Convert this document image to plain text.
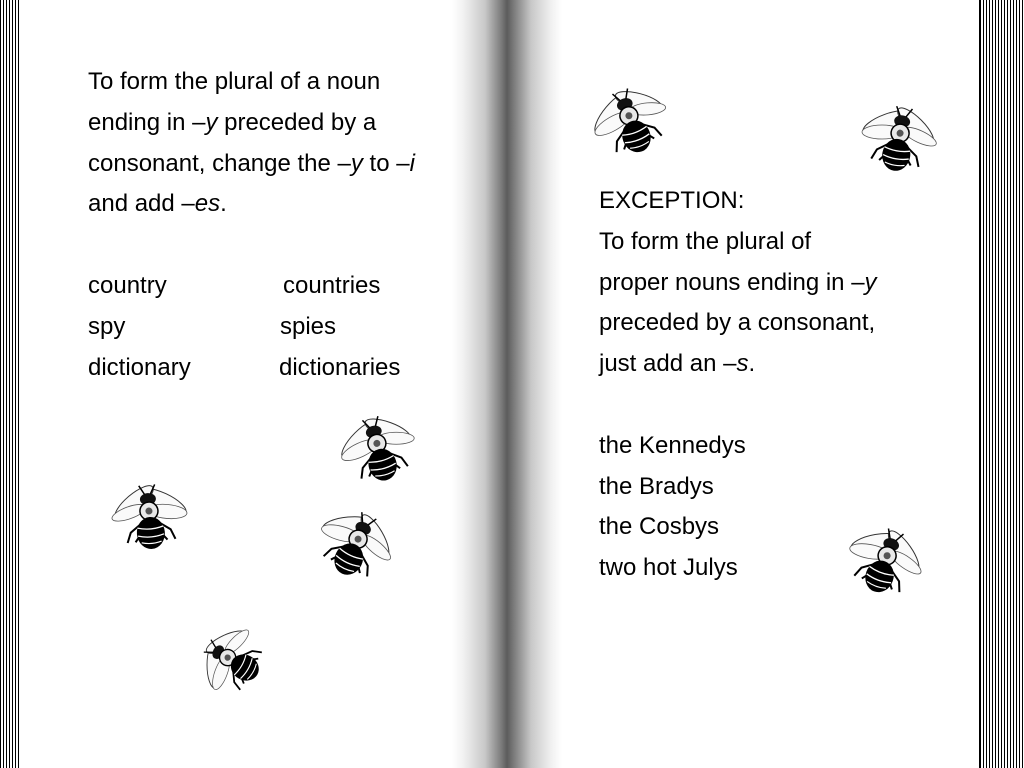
To form the plural of a noun
ending in –y preceded by a
consonant, change the –y to –i
and add –es.
country	countries
spy	spies
dictionary	dictionaries
EXCEPTION:
To form the plural of
proper nouns ending in –y
preceded by a consonant,
just add an –s.
the Kennedys
the Bradys
the Cosbys
two hot Julys
